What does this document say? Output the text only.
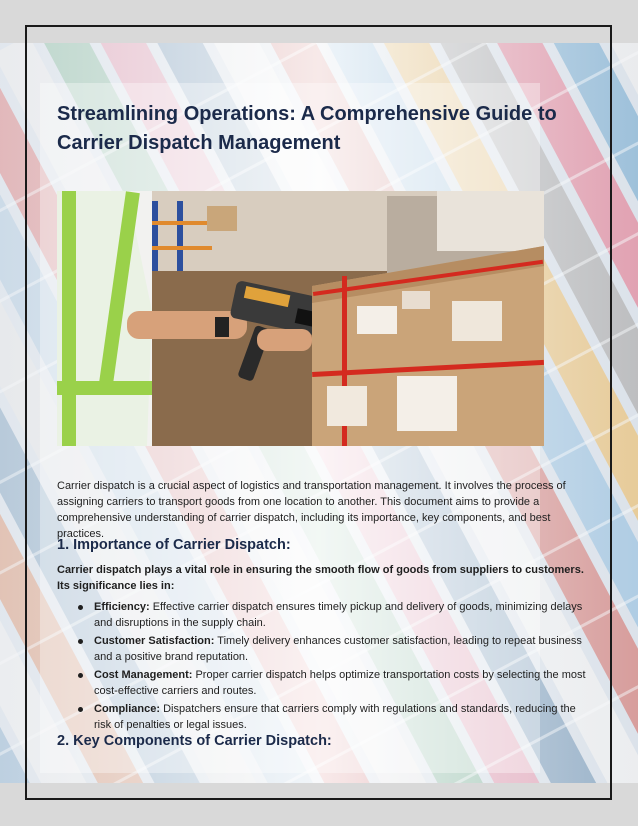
Streamlining Operations: A Comprehensive Guide to Carrier Dispatch Management

Carrier dispatch is a crucial aspect of logistics and transportation management. It involves the process of assigning carriers to transport goods from one location to another. This document aims to provide a comprehensive understanding of carrier dispatch, including its importance, key components, and best practices.

1. Importance of Carrier Dispatch:

Carrier dispatch plays a vital role in ensuring the smooth flow of goods from suppliers to customers. Its significance lies in:

Efficiency: Effective carrier dispatch ensures timely pickup and delivery of goods, minimizing delays and disruptions in the supply chain.
Customer Satisfaction: Timely delivery enhances customer satisfaction, leading to repeat business and a positive brand reputation.
Cost Management: Proper carrier dispatch helps optimize transportation costs by selecting the most cost-effective carriers and routes.
Compliance: Dispatchers ensure that carriers comply with regulations and standards, reducing the risk of penalties or legal issues.
2. Key Components of Carrier Dispatch:
